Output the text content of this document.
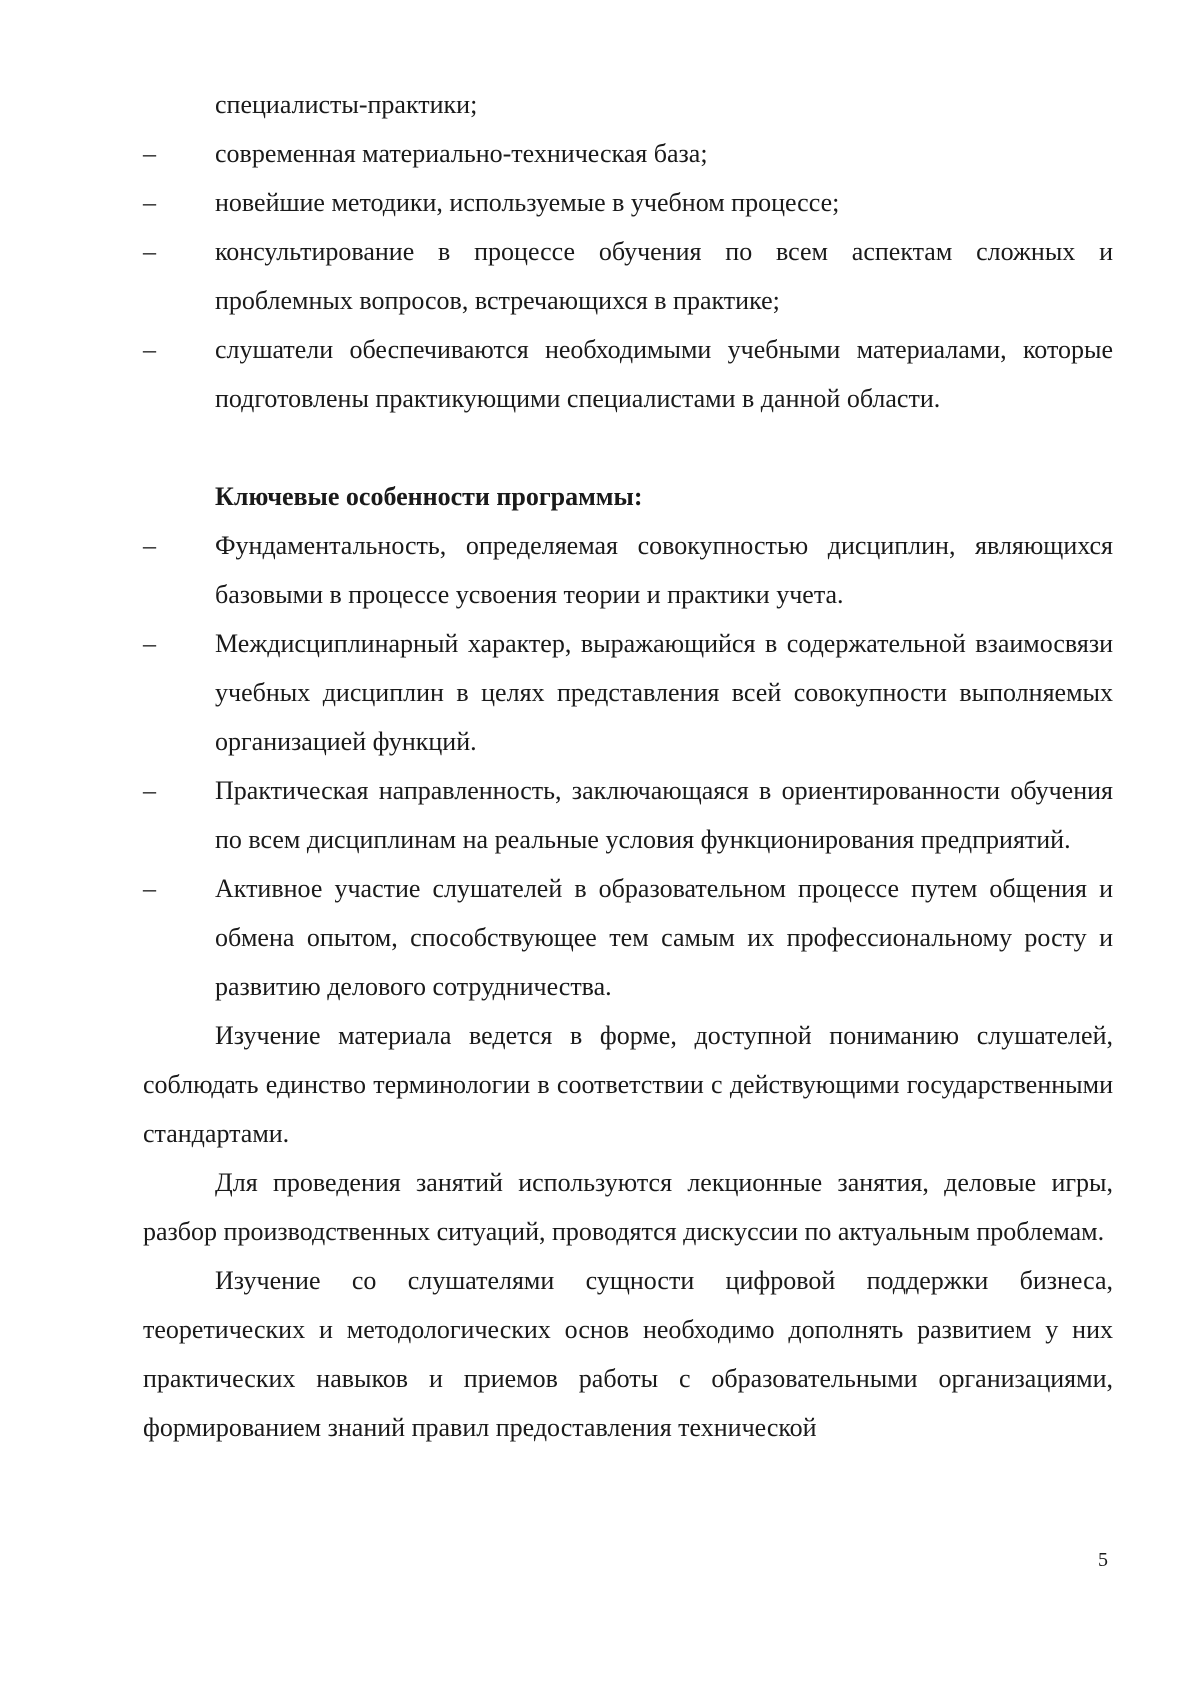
специалисты-практики;
– современная материально-техническая база;
– новейшие методики, используемые в учебном процессе;
– консультирование в процессе обучения по всем аспектам сложных и проблемных вопросов, встречающихся в практике;
– слушатели обеспечиваются необходимыми учебными материалами, которые подготовлены практикующими специалистами в данной области.
Ключевые особенности программы:
– Фундаментальность, определяемая совокупностью дисциплин, являющихся базовыми в процессе усвоения теории и практики учета.
– Междисциплинарный характер, выражающийся в содержательной взаимосвязи учебных дисциплин в целях представления всей совокупности выполняемых организацией функций.
– Практическая направленность, заключающаяся в ориентированности обучения по всем дисциплинам на реальные условия функционирования предприятий.
– Активное участие слушателей в образовательном процессе путем общения и обмена опытом, способствующее тем самым их профессиональному росту и развитию делового сотрудничества.

Изучение материала ведется в форме, доступной пониманию слушателей, соблюдать единство терминологии в соответствии с действующими государственными стандартами.

Для проведения занятий используются лекционные занятия, деловые игры, разбор производственных ситуаций, проводятся дискуссии по актуальным проблемам.

Изучение со слушателями сущности цифровой поддержки бизнеса, теоретических и методологических основ необходимо дополнять развитием у них практических навыков и приемов работы с образовательными организациями, формированием знаний правил предоставления технической

5
